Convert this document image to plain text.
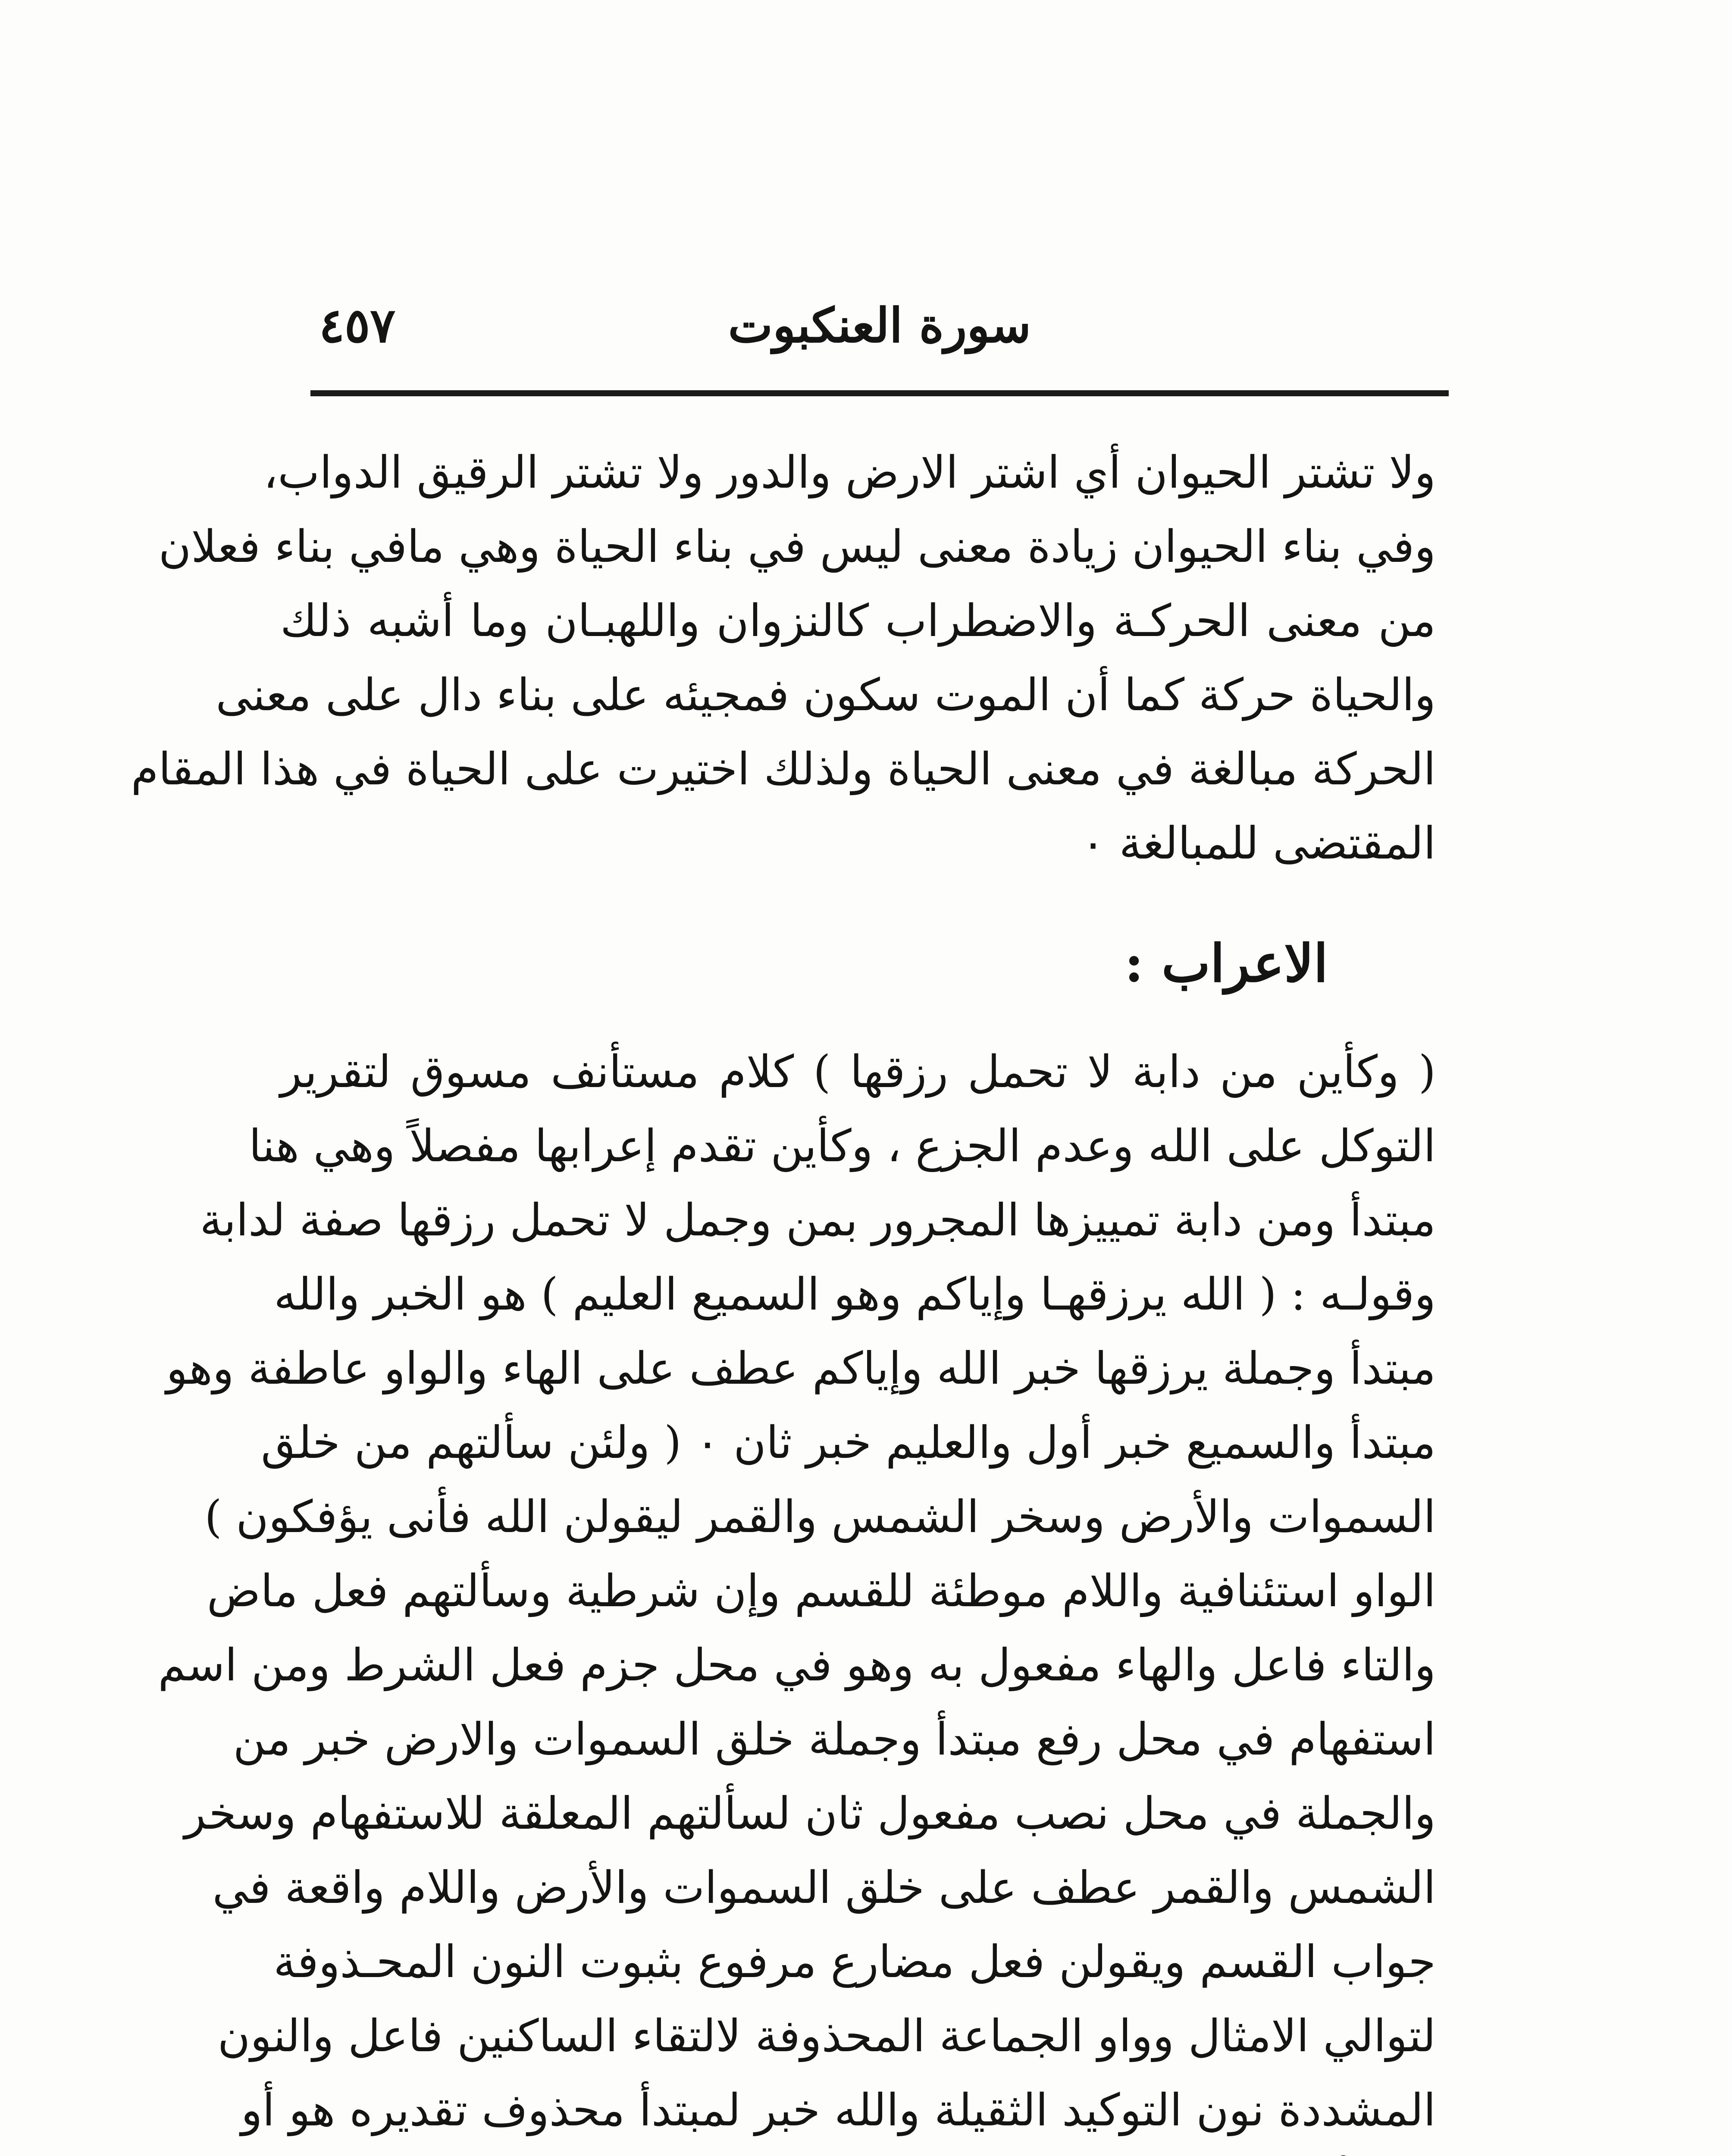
سورة العنكبوت
٤٥٧
ولا تشتر الحيوان أي اشتر الارض والدور ولا تشتر الرقيق الدواب،
وفي بناء الحيوان زيادة معنى ليس في بناء الحياة وهي مافي بناء فعلان
من معنى الحركـة والاضطراب كالنزوان واللهبـان وما أشبه ذلك
والحياة حركة كما أن الموت سكون فمجيئه على بناء دال على معنى
الحركة مبالغة في معنى الحياة ولذلك اختيرت على الحياة في هذا المقام
المقتضى للمبالغة ٠
الاعراب :
( وكأين من دابة لا تحمل رزقها ) كلام مستأنف مسوق لتقرير
التوكل على الله وعدم الجزع ، وكأين تقدم إعرابها مفصلاً وهي هنا
مبتدأ ومن دابة تمييزها المجرور بمن وجمل لا تحمل رزقها صفة لدابة
وقولـه : ( الله يرزقهـا وإياكم وهو السميع العليم ) هو الخبر والله
مبتدأ وجملة يرزقها خبر الله وإياكم عطف على الهاء والواو عاطفة وهو
مبتدأ والسميع خبر أول والعليم خبر ثان ٠ ( ولئن سألتهم من خلق
السموات والأرض وسخر الشمس والقمر ليقولن الله فأنى يؤفكون )
الواو استئنافية واللام موطئة للقسم وإن شرطية وسألتهم فعل ماض
والتاء فاعل والهاء مفعول به وهو في محل جزم فعل الشرط ومن اسم
استفهام في محل رفع مبتدأ وجملة خلق السموات والارض خبر من
والجملة في محل نصب مفعول ثان لسألتهم المعلقة للاستفهام وسخر
الشمس والقمر عطف على خلق السموات والأرض واللام واقعة في
جواب القسم ويقولن فعل مضارع مرفوع بثبوت النون المحـذوفة
لتوالي الامثال وواو الجماعة المحذوفة لالتقاء الساكنين فاعل والنون
المشددة نون التوكيد الثقيلة والله خبر لمبتدأ محذوف تقديره هو أو
